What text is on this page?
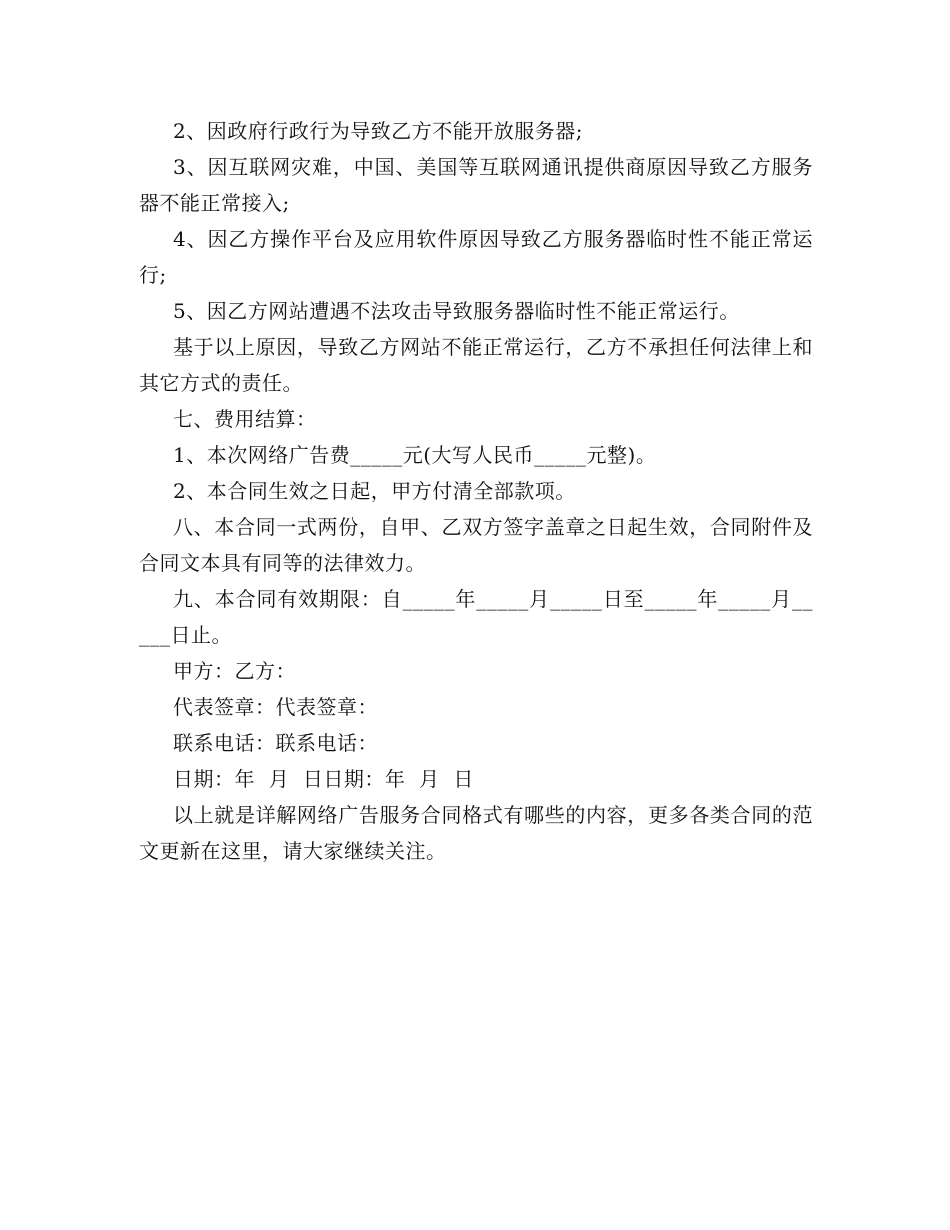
2、因政府行政行为导致乙方不能开放服务器;

3、因互联网灾难，中国、美国等互联网通讯提供商原因导致乙方服务器不能正常接入;

4、因乙方操作平台及应用软件原因导致乙方服务器临时性不能正常运行;

5、因乙方网站遭遇不法攻击导致服务器临时性不能正常运行。

基于以上原因，导致乙方网站不能正常运行，乙方不承担任何法律上和其它方式的责任。

七、费用结算：

1、本次网络广告费_____元(大写人民币_____元整)。

2、本合同生效之日起，甲方付清全部款项。

八、本合同一式两份，自甲、乙双方签字盖章之日起生效，合同附件及合同文本具有同等的法律效力。

九、本合同有效期限：自_____年_____月_____日至_____年_____月_____日止。

甲方：乙方：

代表签章：代表签章：

联系电话：联系电话：

日期：年  月  日日期：年  月  日

以上就是详解网络广告服务合同格式有哪些的内容，更多各类合同的范文更新在这里，请大家继续关注。
